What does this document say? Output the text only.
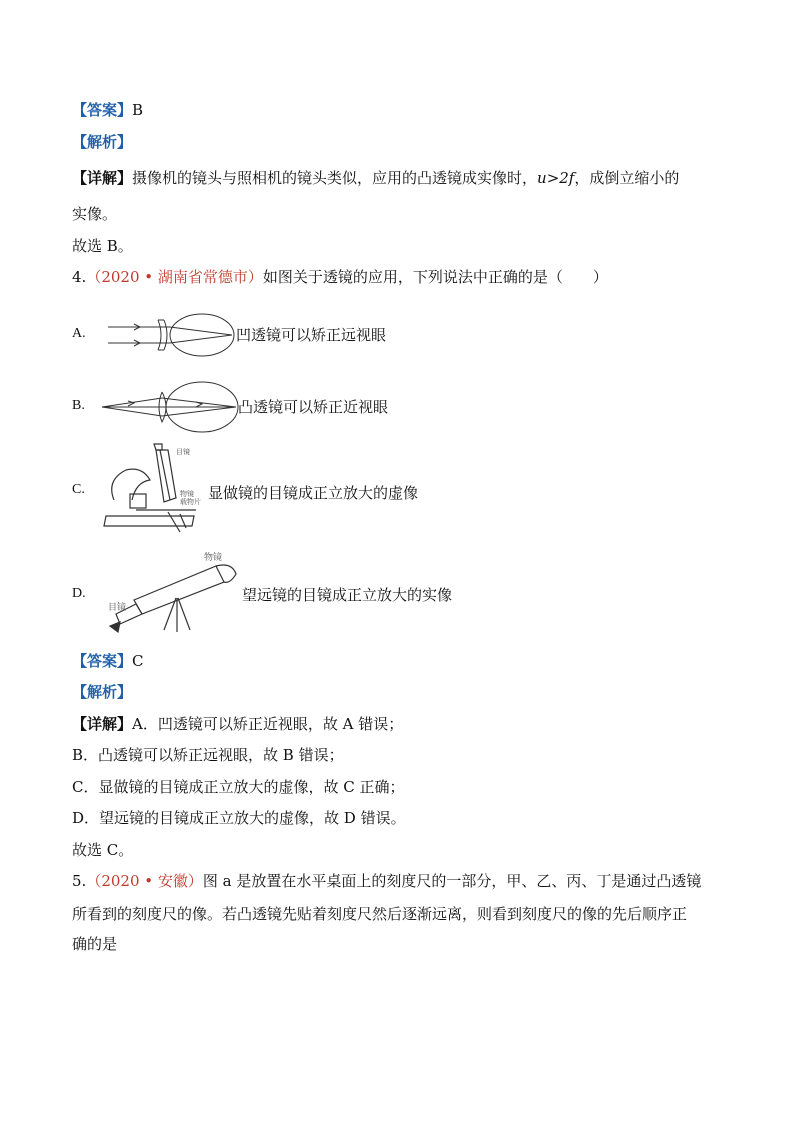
【答案】B
【解析】
【详解】摄像机的镜头与照相机的镜头类似，应用的凸透镜成实像时，u>2f，成倒立缩小的
实像。
故选 B。
4.（2020 • 湖南省常德市）如图关于透镜的应用，下列说法中正确的是（　　）
A.	凹透镜可以矫正远视眼
B.	凸透镜可以矫正近视眼
C.
目镜
物镜
载物片
显做镜的目镜成正立放大的虚像
D.
物镜
目镜
望远镜的目镜成正立放大的实像
【答案】C
【解析】
【详解】A．凹透镜可以矫正近视眼，故 A 错误；
B．凸透镜可以矫正远视眼，故 B 错误；
C．显做镜的目镜成正立放大的虚像，故 C 正确；
D．望远镜的目镜成正立放大的虚像，故 D 错误。
故选 C。
5.（2020 • 安徽）图 a 是放置在水平桌面上的刻度尺的一部分，甲、乙、丙、丁是通过凸透镜
所看到的刻度尺的像。若凸透镜先贴着刻度尺然后逐渐远离，则看到刻度尺的像的先后顺序正
确的是
